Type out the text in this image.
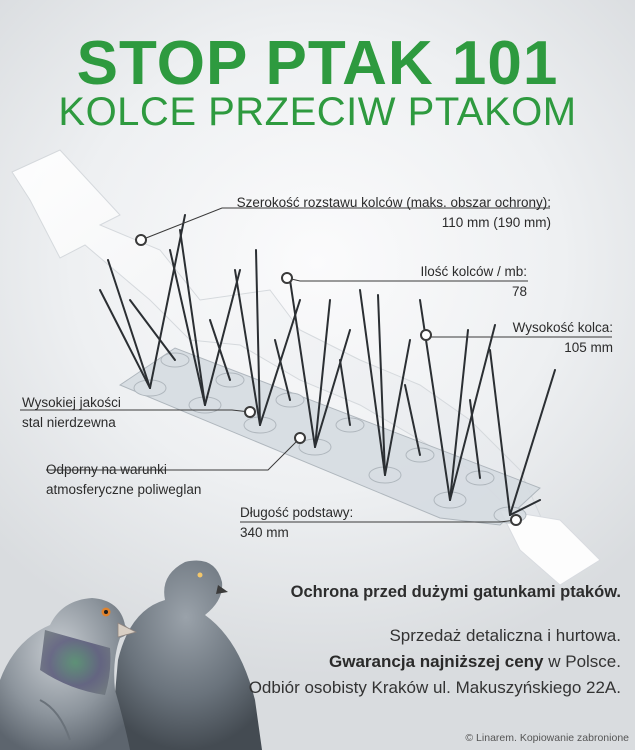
STOP PTAK 101
KOLCE PRZECIW PTAKOM
Szerokość rozstawu kolców (maks. obszar ochrony):
110 mm (190 mm)
Ilość kolców / mb:
78
Wysokość kolca:
105 mm
Wysokiej jakości
stal nierdzewna
Odporny na warunki
atmosferyczne poliweglan
Długość podstawy:
340 mm
Ochrona przed dużymi gatunkami ptaków.
Sprzedaż detaliczna i hurtowa.
Gwarancja najniższej ceny w Polsce.
Odbiór osobisty Kraków ul. Makuszyńskiego 22A.
© Linarem. Kopiowanie zabronione
